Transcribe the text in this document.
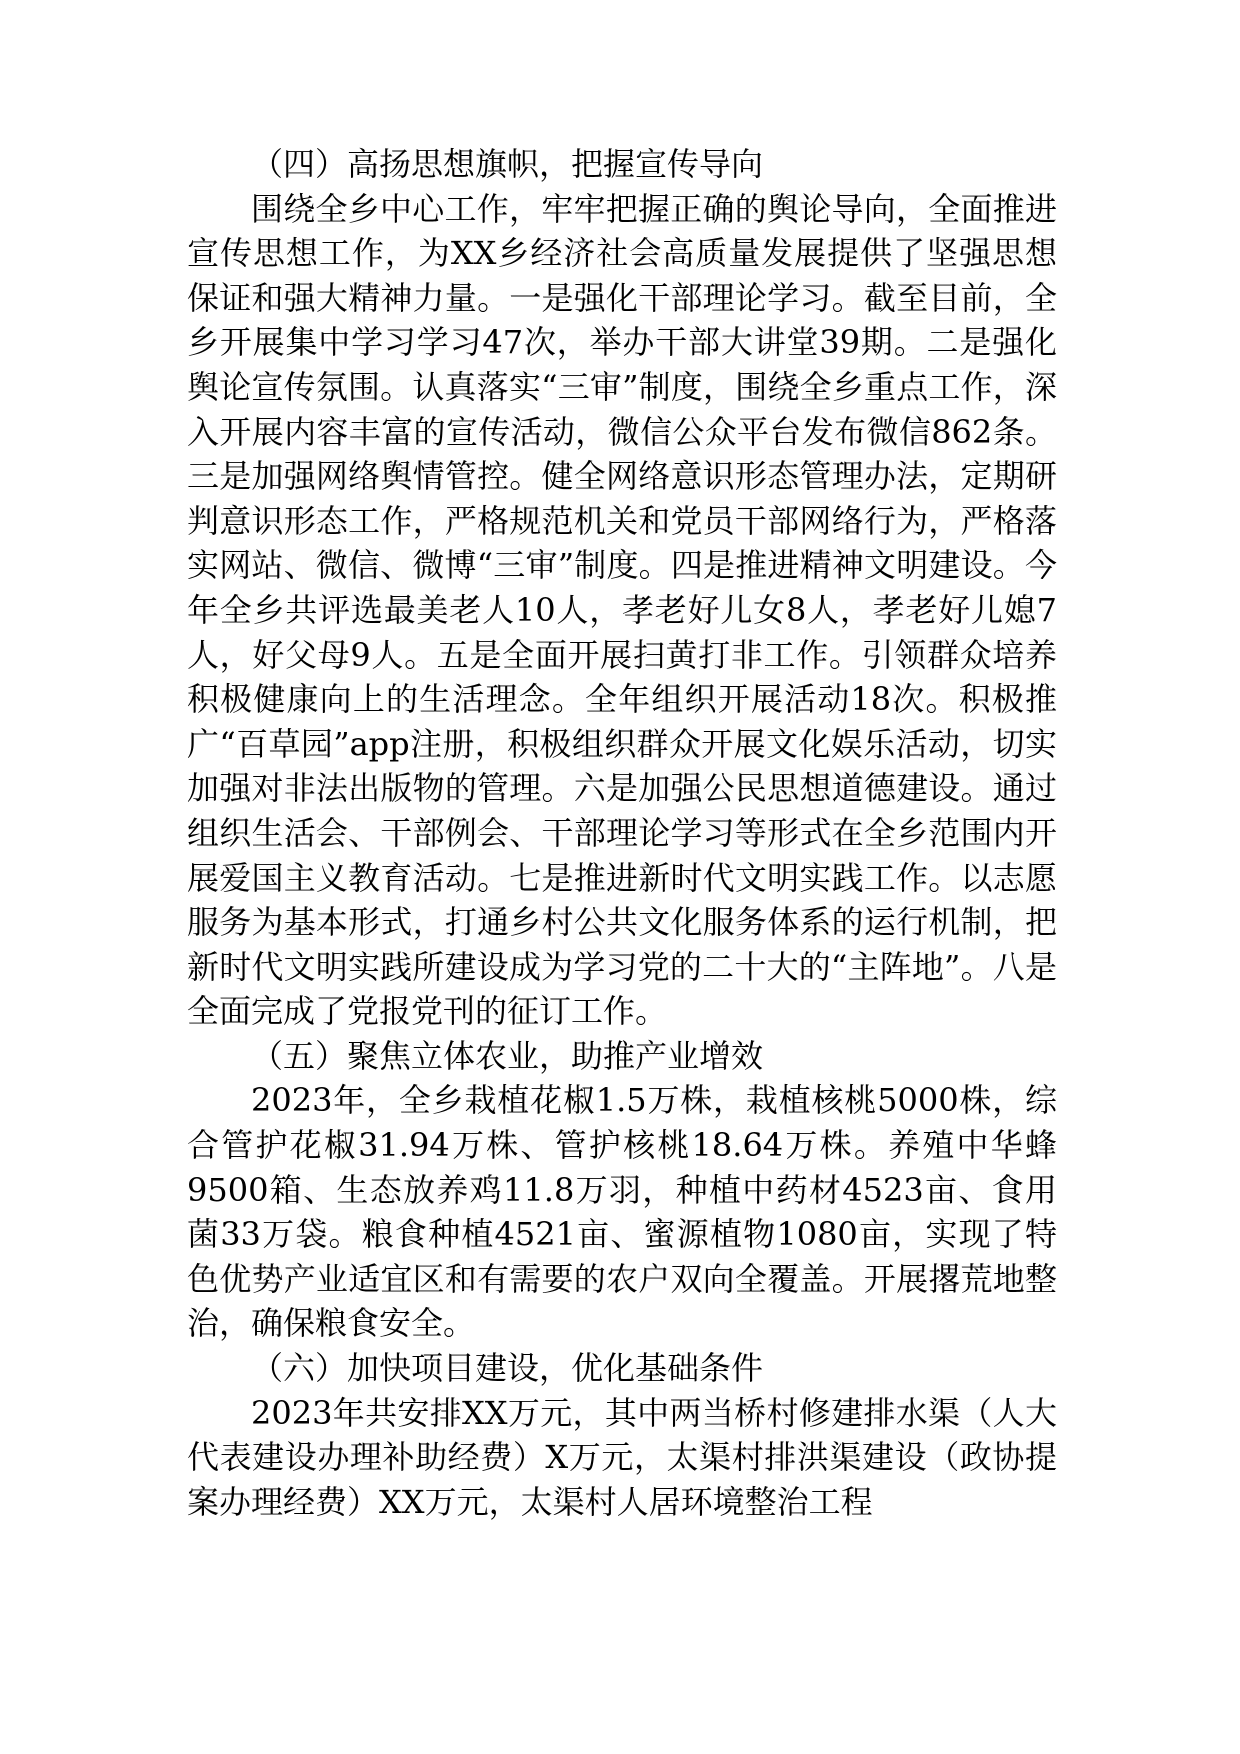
（四）高扬思想旗帜，把握宣传导向

围绕全乡中心工作，牢牢把握正确的舆论导向，全面推进宣传思想工作，为XX乡经济社会高质量发展提供了坚强思想保证和强大精神力量。一是强化干部理论学习。截至目前，全乡开展集中学习学习47次，举办干部大讲堂39期。二是强化舆论宣传氛围。认真落实“三审”制度，围绕全乡重点工作，深入开展内容丰富的宣传活动，微信公众平台发布微信862条。三是加强网络舆情管控。健全网络意识形态管理办法，定期研判意识形态工作，严格规范机关和党员干部网络行为，严格落实网站、微信、微博“三审”制度。四是推进精神文明建设。今年全乡共评选最美老人10人，孝老好儿女8人，孝老好儿媳7人，好父母9人。五是全面开展扫黄打非工作。引领群众培养积极健康向上的生活理念。全年组织开展活动18次。积极推广“百草园”app注册，积极组织群众开展文化娱乐活动，切实加强对非法出版物的管理。六是加强公民思想道德建设。通过组织生活会、干部例会、干部理论学习等形式在全乡范围内开展爱国主义教育活动。七是推进新时代文明实践工作。以志愿服务为基本形式，打通乡村公共文化服务体系的运行机制，把新时代文明实践所建设成为学习党的二十大的“主阵地”。八是全面完成了党报党刊的征订工作。

（五）聚焦立体农业，助推产业增效

2023年，全乡栽植花椒1.5万株，栽植核桃5000株，综合管护花椒31.94万株、管护核桃18.64万株。养殖中华蜂9500箱、生态放养鸡11.8万羽，种植中药材4523亩、食用菌33万袋。粮食种植4521亩、蜜源植物1080亩，实现了特色优势产业适宜区和有需要的农户双向全覆盖。开展撂荒地整治，确保粮食安全。

（六）加快项目建设，优化基础条件

2023年共安排XX万元，其中两当桥村修建排水渠（人大代表建设办理补助经费）X万元，太渠村排洪渠建设（政协提案办理经费）XX万元，太渠村人居环境整治工程
